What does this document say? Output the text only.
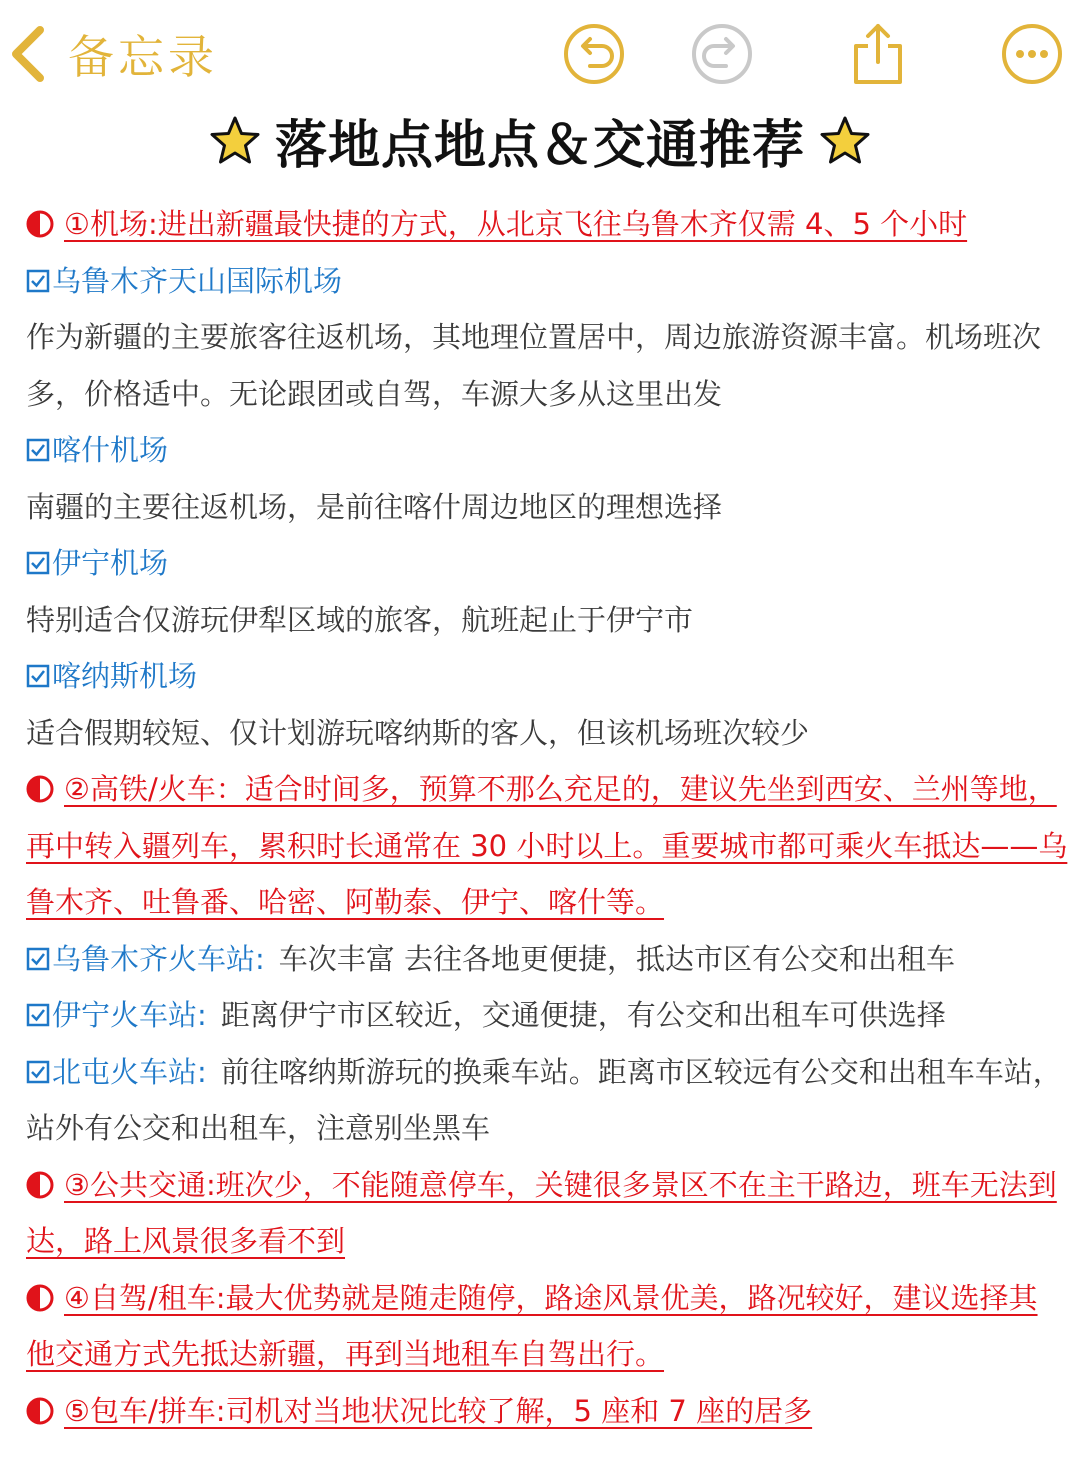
备忘录
落地点地点＆交通推荐
①机场:进出新疆最快捷的方式，从北京飞往乌鲁木齐仅需 4、5 个小时
乌鲁木齐天山国际机场
作为新疆的主要旅客往返机场，其地理位置居中，周边旅游资源丰富。机场班次
多，价格适中。无论跟团或自驾，车源大多从这里出发
喀什机场
南疆的主要往返机场，是前往喀什周边地区的理想选择
伊宁机场
特别适合仅游玩伊犁区域的旅客，航班起止于伊宁市
喀纳斯机场
适合假期较短、仅计划游玩喀纳斯的客人，但该机场班次较少
②高铁/火车：适合时间多，预算不那么充足的，建议先坐到西安、兰州等地，
再中转入疆列车，累积时长通常在 30 小时以上。重要城市都可乘火车抵达——乌
鲁木齐、吐鲁番、哈密、阿勒泰、伊宁、喀什等。
乌鲁木齐火车站: 车次丰富 去往各地更便捷，抵达市区有公交和出租车
伊宁火车站: 距离伊宁市区较近，交通便捷，有公交和出租车可供选择
北屯火车站: 前往喀纳斯游玩的换乘车站。距离市区较远有公交和出租车车站，
站外有公交和出租车，注意别坐黑车
③公共交通:班次少，不能随意停车，关键很多景区不在主干路边，班车无法到
达，路上风景很多看不到
④自驾/租车:最大优势就是随走随停，路途风景优美，路况较好，建议选择其
他交通方式先抵达新疆，再到当地租车自驾出行。
⑤包车/拼车:司机对当地状况比较了解，5 座和 7 座的居多
